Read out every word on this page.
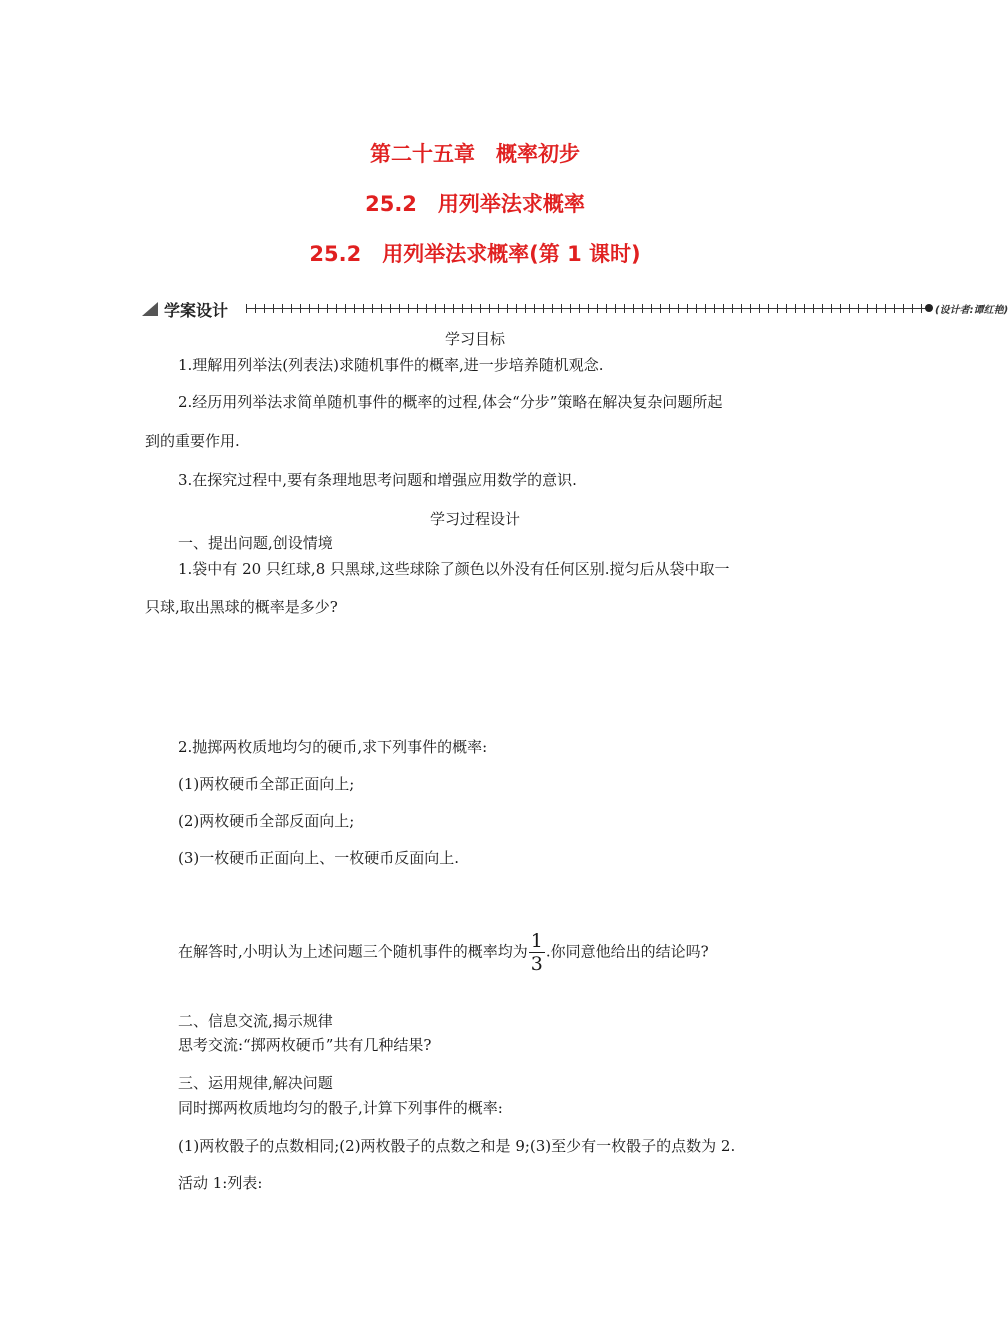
第二十五章　概率初步
25.2　用列举法求概率
25.2　用列举法求概率(第 1 课时)
学案设计	(设计者:谭红艳)
学习目标
1.理解用列举法(列表法)求随机事件的概率,进一步培养随机观念.
2.经历用列举法求简单随机事件的概率的过程,体会“分步”策略在解决复杂问题所起
到的重要作用.
3.在探究过程中,要有条理地思考问题和增强应用数学的意识.
学习过程设计
一、提出问题,创设情境
1.袋中有 20 只红球,8 只黑球,这些球除了颜色以外没有任何区别.搅匀后从袋中取一
只球,取出黑球的概率是多少?
2.抛掷两枚质地均匀的硬币,求下列事件的概率:
(1)两枚硬币全部正面向上;
(2)两枚硬币全部反面向上;
(3)一枚硬币正面向上、一枚硬币反面向上.
在解答时,小明认为上述问题三个随机事件的概率均为 $\frac{1}{3}$ .你同意他给出的结论吗?
二、信息交流,揭示规律
思考交流:“掷两枚硬币”共有几种结果?
三、运用规律,解决问题
同时掷两枚质地均匀的骰子,计算下列事件的概率:
(1)两枚骰子的点数相同;(2)两枚骰子的点数之和是 9;(3)至少有一枚骰子的点数为 2.
活动 1:列表:
